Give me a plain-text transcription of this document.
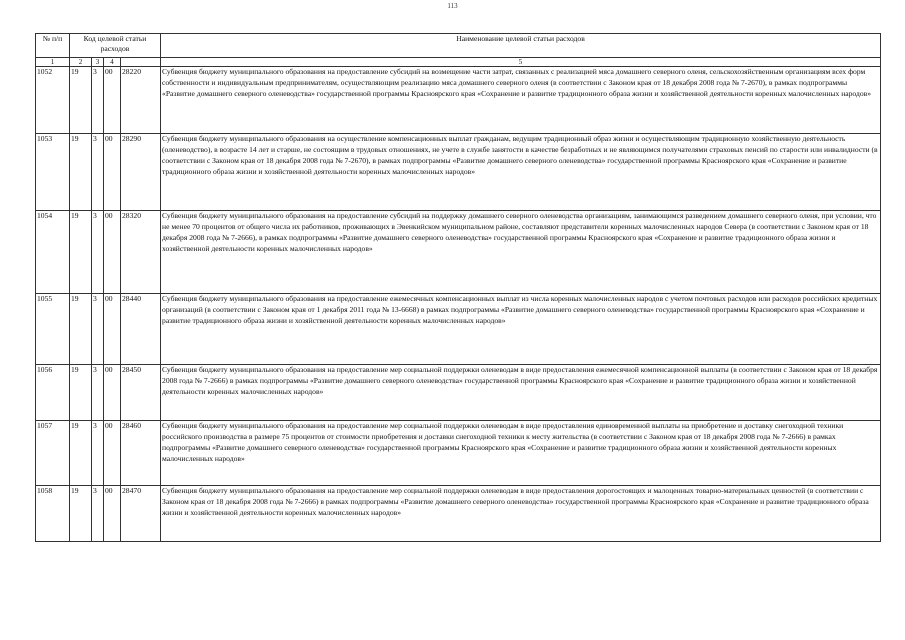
113
№ п/п	Код целевой статьи расходов				Наименование целевой статьи расходов

1	2	3	4		5
1052	19	3	00	28220	Субвенция бюджету муниципального образования на предоставление субсидий на возмещение части затрат, связанных с реализацией мяса домашнего северного оленя, сельскохозяйственным организациям всех форм собственности и индивидуальным предпринимателям, осуществляющим реализацию мяса домашнего северного оленя (в соответствии с Законом края от 18 декабря 2008 года № 7-2670), в рамках подпрограммы «Развитие домашнего северного оленеводства» государственной программы Красноярского края «Сохранение и развитие традиционного образа жизни и хозяйственной деятельности коренных малочисленных народов»
1053	19	3	00	28290	Субвенция бюджету муниципального образования на осуществление компенсационных выплат гражданам, ведущим традиционный образ жизни и осуществляющим традиционную хозяйственную деятельность (оленеводство), в возрасте 14 лет и старше, не состоящим в трудовых отношениях, не учете в службе занятости в качестве безработных и не являющимся получателями страховых пенсий по старости или инвалидности (в соответствии с Законом края от 18 декабря 2008 года № 7-2670), в рамках подпрограммы «Развитие домашнего северного оленеводства» государственной программы Красноярского края «Сохранение и развитие традиционного образа жизни и хозяйственной деятельности коренных малочисленных народов»
1054	19	3	00	28320	Субвенция бюджету муниципального образования на предоставление субсидий на поддержку домашнего северного оленеводства организациям, занимающимся разведением домашнего северного оленя, при условии, что не менее 70 процентов от общего числа их работников, проживающих в Эвенкийском муниципальном районе, составляют представители коренных малочисленных народов Севера (в соответствии с Законом края от 18 декабря 2008 года № 7-2666), в рамках подпрограммы «Развитие домашнего северного оленеводства» государственной программы Красноярского края «Сохранение и развитие традиционного образа жизни и хозяйственной деятельности коренных малочисленных народов»
1055	19	3	00	28440	Субвенция бюджету муниципального образования на предоставление ежемесячных компенсационных выплат из числа коренных малочисленных народов с учетом почтовых расходов или расходов российских кредитных организаций (в соответствии с Законом края от 1 декабря 2011 года № 13-6668) в рамках подпрограммы «Развитие домашнего северного оленеводства» государственной программы Красноярского края «Сохранение и развитие традиционного образа жизни и хозяйственной деятельности коренных малочисленных народов»
1056	19	3	00	28450	Субвенция бюджету муниципального образования на предоставление мер социальной поддержки оленеводам в виде предоставления ежемесячной компенсационной выплаты (в соответствии с Законом края от 18 декабря 2008 года № 7-2666) в рамках подпрограммы «Развитие домашнего северного оленеводства» государственной программы Красноярского края «Сохранение и развитие традиционного образа жизни и хозяйственной деятельности коренных малочисленных народов»
1057	19	3	00	28460	Субвенция бюджету муниципального образования на предоставление мер социальной поддержки оленеводам в виде предоставления единовременной выплаты на приобретение и доставку снегоходной техники российского производства в размере 75 процентов от стоимости приобретения и доставки снегоходной техники к месту жительства (в соответствии с Законом края от 18 декабря 2008 года № 7-2666) в рамках подпрограммы «Развитие домашнего северного оленеводства» государственной программы Красноярского края «Сохранение и развитие традиционного образа жизни и хозяйственной деятельности коренных малочисленных народов»
1058	19	3	00	28470	Субвенция бюджету муниципального образования на предоставление мер социальной поддержки оленеводам в виде предоставления дорогостоящих и малоценных товарно-материальных ценностей (в соответствии с Законом края от 18 декабря 2008 года № 7-2666) в рамках подпрограммы «Развитие домашнего северного оленеводства» государственной программы Красноярского края «Сохранение и развитие традиционного образа жизни и хозяйственной деятельности коренных малочисленных народов»
